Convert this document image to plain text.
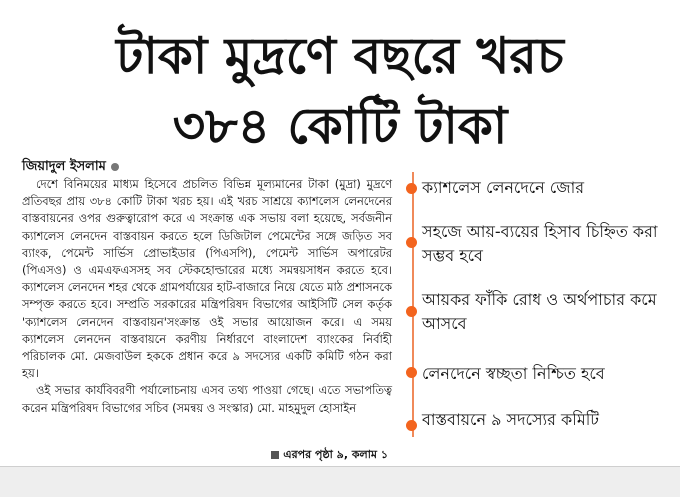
টাকা মুদ্রণে বছরে খরচ
৩৮৪ কোটি টাকা
জিয়াদুল ইসলাম
দেশে বিনিময়ের মাধ্যম হিসেবে প্রচলিত বিভিন্ন মূল্যমানের টাকা (মুদ্রা) মুদ্রণে প্রতিবছর প্রায় ৩৮৪ কোটি টাকা খরচ হয়। এই খরচ সাশ্রয়ে ক্যাশলেস লেনদেনের বাস্তবায়নের ওপর গুরুত্বারোপ করে এ সংক্রান্ত এক সভায় বলা হয়েছে, সর্বজনীন ক্যাশলেস লেনদেন বাস্তবায়ন করতে হলে ডিজিটাল পেমেন্টের সঙ্গে জড়িত সব ব্যাংক, পেমেন্ট সার্ভিস প্রোভাইডার (পিএসপি), পেমেন্ট সার্ভিস অপারেটর (পিএসও) ও এমএফএসসহ সব স্টেকহোল্ডারের মধ্যে সমন্বয়সাধন করতে হবে। ক্যাশলেস লেনদেন শহর থেকে গ্রামপর্যায়ের হাট-বাজারে নিয়ে যেতে মাঠ প্রশাসনকে সম্পৃক্ত করতে হবে। সম্প্রতি সরকারের মন্ত্রিপরিষদ বিভাগের আইসিটি সেল কর্তৃক 'ক্যাশলেস লেনদেন বাস্তবায়ন'সংক্রান্ত ওই সভার আয়োজন করে। এ সময় ক্যাশলেস লেনদেন বাস্তবায়নে করণীয় নির্ধারণে বাংলাদেশ ব্যাংকের নির্বাহী পরিচালক মো. মেজবাউল হককে প্রধান করে ৯ সদস্যের একটি কমিটি গঠন করা হয়।
ওই সভার কার্যবিবরণী পর্যালোচনায় এসব তথ্য পাওয়া গেছে। এতে সভাপতিত্ব করেন মন্ত্রিপরিষদ বিভাগের সচিব (সমন্বয় ও সংস্কার) মো. মাহমুদুল হোসাইন
এরপর পৃষ্ঠা ৯, কলাম ১
ক্যাশলেস লেনদেনে জোর
সহজে আয়-ব্যয়ের হিসাব চিহ্নিত করা সম্ভব হবে
আয়কর ফাঁকি রোধ ও অর্থপাচার কমে আসবে
লেনদেনে স্বচ্ছতা নিশ্চিত হবে
বাস্তবায়নে ৯ সদস্যের কমিটি
